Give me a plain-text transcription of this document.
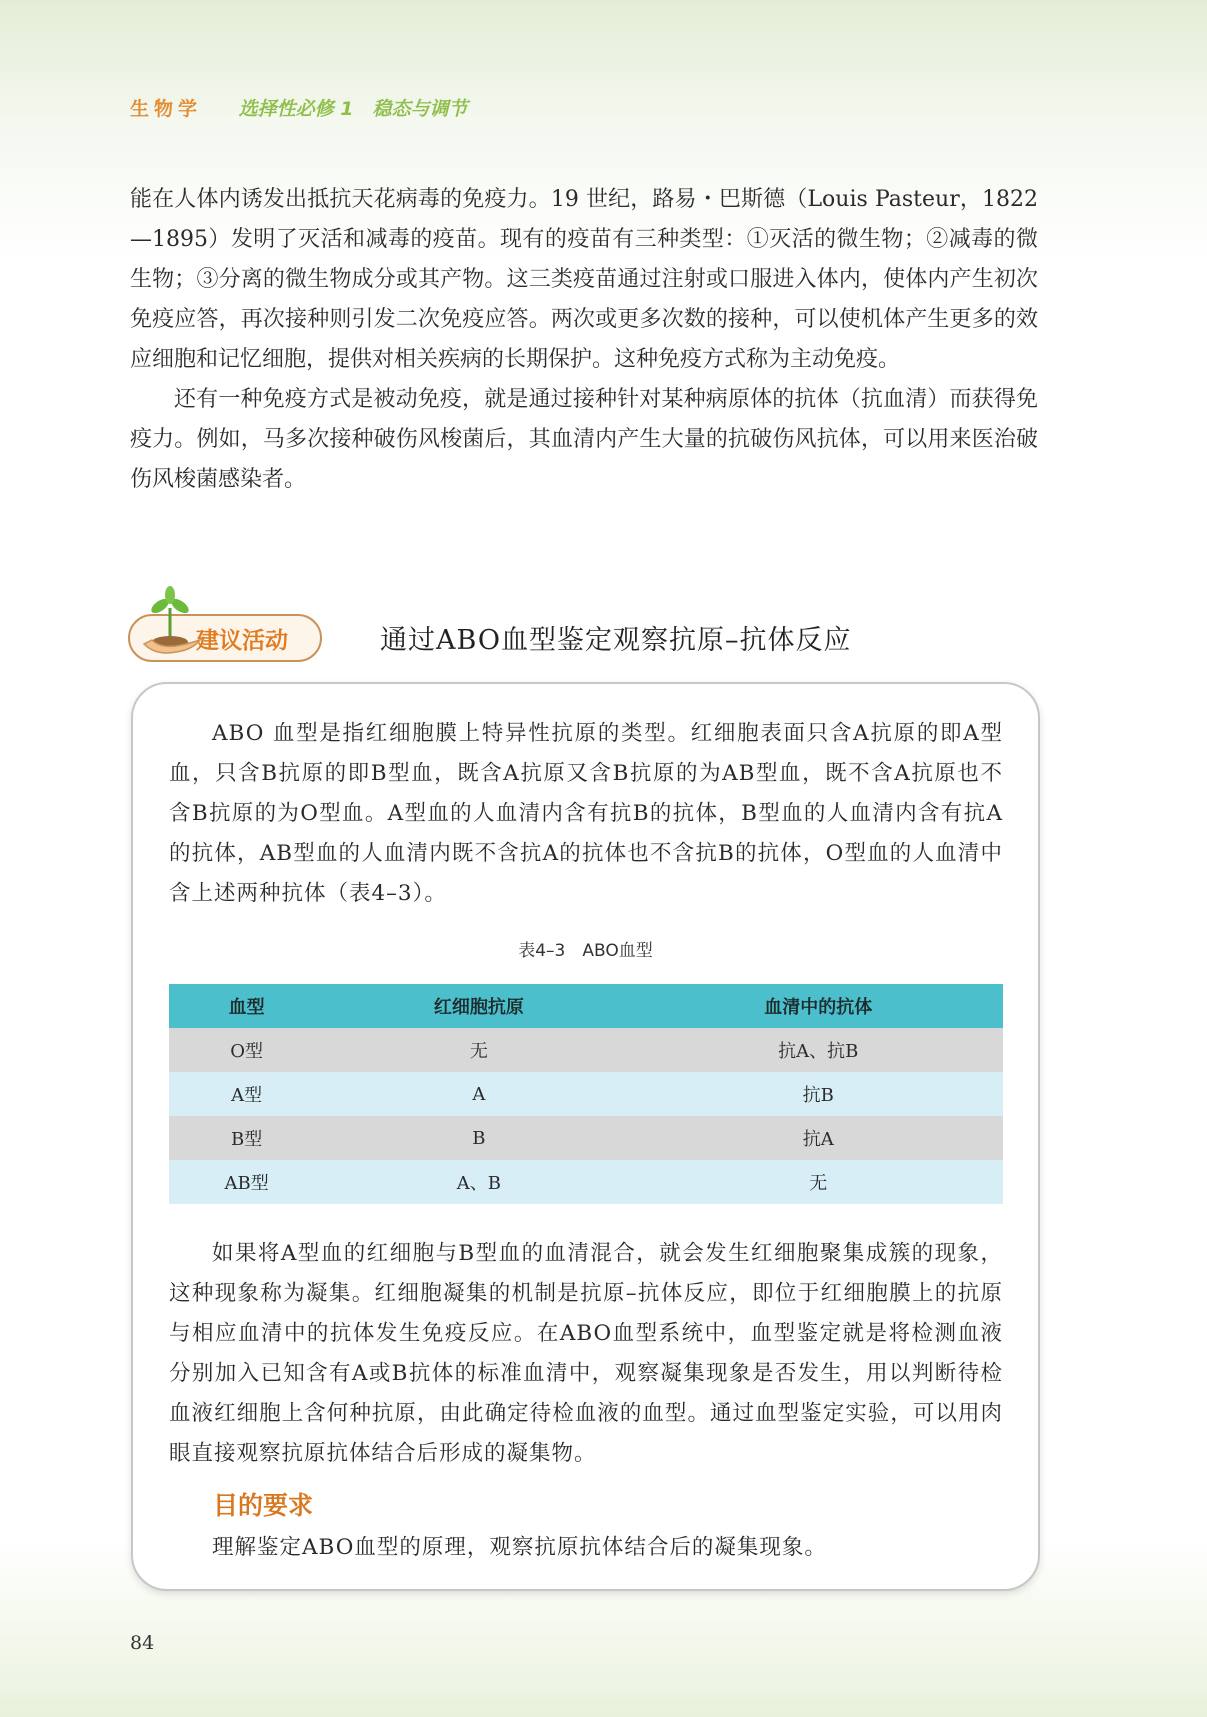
生物学 选择性必修 1　稳态与调节

能在人体内诱发出抵抗天花病毒的免疫力。19 世纪，路易・巴斯德（Louis Pasteur，1822—1895）发明了灭活和减毒的疫苗。现有的疫苗有三种类型：①灭活的微生物；②减毒的微生物；③分离的微生物成分或其产物。这三类疫苗通过注射或口服进入体内，使体内产生初次免疫应答，再次接种则引发二次免疫应答。两次或更多次数的接种，可以使机体产生更多的效应细胞和记忆细胞，提供对相关疾病的长期保护。这种免疫方式称为主动免疫。

还有一种免疫方式是被动免疫，就是通过接种针对某种病原体的抗体（抗血清）而获得免疫力。例如，马多次接种破伤风梭菌后，其血清内产生大量的抗破伤风抗体，可以用来医治破伤风梭菌感染者。

建议活动	通过ABO血型鉴定观察抗原–抗体反应

ABO 血型是指红细胞膜上特异性抗原的类型。红细胞表面只含A抗原的即A型血，只含B抗原的即B型血，既含A抗原又含B抗原的为AB型血，既不含A抗原也不含B抗原的为O型血。A型血的人血清内含有抗B的抗体，B型血的人血清内含有抗A的抗体，AB型血的人血清内既不含抗A的抗体也不含抗B的抗体，O型血的人血清中含上述两种抗体（表4–3）。

表4–3　ABO血型
血型	红细胞抗原	血清中的抗体
O型	无	抗A、抗B
A型	A	抗B
B型	B	抗A
AB型	A、B	无

如果将A型血的红细胞与B型血的血清混合，就会发生红细胞聚集成簇的现象，这种现象称为凝集。红细胞凝集的机制是抗原–抗体反应，即位于红细胞膜上的抗原与相应血清中的抗体发生免疫反应。在ABO血型系统中，血型鉴定就是将检测血液分别加入已知含有A或B抗体的标准血清中，观察凝集现象是否发生，用以判断待检血液红细胞上含何种抗原，由此确定待检血液的血型。通过血型鉴定实验，可以用肉眼直接观察抗原抗体结合后形成的凝集物。

目的要求

理解鉴定ABO血型的原理，观察抗原抗体结合后的凝集现象。

84
